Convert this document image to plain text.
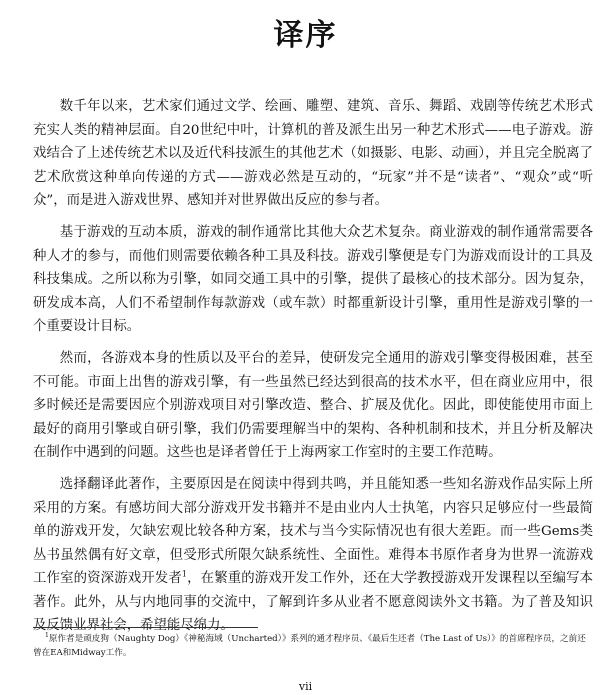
译序

数千年以来，艺术家们通过文学、绘画、雕塑、建筑、音乐、舞蹈、戏剧等传统艺术形式充实人类的精神层面。自20世纪中叶，计算机的普及派生出另一种艺术形式——电子游戏。游戏结合了上述传统艺术以及近代科技派生的其他艺术（如摄影、电影、动画），并且完全脱离了艺术欣赏这种单向传递的方式——游戏必然是互动的，“玩家”并不是“读者”、“观众”或“听众”，而是进入游戏世界、感知并对世界做出反应的参与者。

基于游戏的互动本质，游戏的制作通常比其他大众艺术复杂。商业游戏的制作通常需要各种人才的参与，而他们则需要依赖各种工具及科技。游戏引擎便是专门为游戏而设计的工具及科技集成。之所以称为引擎，如同交通工具中的引擎，提供了最核心的技术部分。因为复杂，研发成本高，人们不希望制作每款游戏（或车款）时都重新设计引擎，重用性是游戏引擎的一个重要设计目标。

然而，各游戏本身的性质以及平台的差异，使研发完全通用的游戏引擎变得极困难，甚至不可能。市面上出售的游戏引擎，有一些虽然已经达到很高的技术水平，但在商业应用中，很多时候还是需要因应个别游戏项目对引擎改造、整合、扩展及优化。因此，即使能使用市面上最好的商用引擎或自研引擎，我们仍需要理解当中的架构、各种机制和技术，并且分析及解决在制作中遇到的问题。这些也是译者曾任于上海两家工作室时的主要工作范畴。

选择翻译此著作，主要原因是在阅读中得到共鸣，并且能知悉一些知名游戏作品实际上所采用的方案。有感坊间大部分游戏开发书籍并不是由业内人士执笔，内容只足够应付一些最简单的游戏开发，欠缺宏观比较各种方案，技术与当今实际情况也有很大差距。而一些Gems类丛书虽然偶有好文章，但受形式所限欠缺系统性、全面性。难得本书原作者身为世界一流游戏工作室的资深游戏开发者$^1$，在繁重的游戏开发工作外，还在大学教授游戏开发课程以至编写本著作。此外，从与内地同事的交流中，了解到许多从业者不愿意阅读外文书籍。为了普及知识及反馈业界社会，希望能尽绵力。

$^1$原作者是顽皮狗（Naughty Dog）《神秘海域（Uncharted）》系列的通才程序员、《最后生还者（The Last of Us）》的首席程序员，之前还曾在EA和Midway工作。

vii
